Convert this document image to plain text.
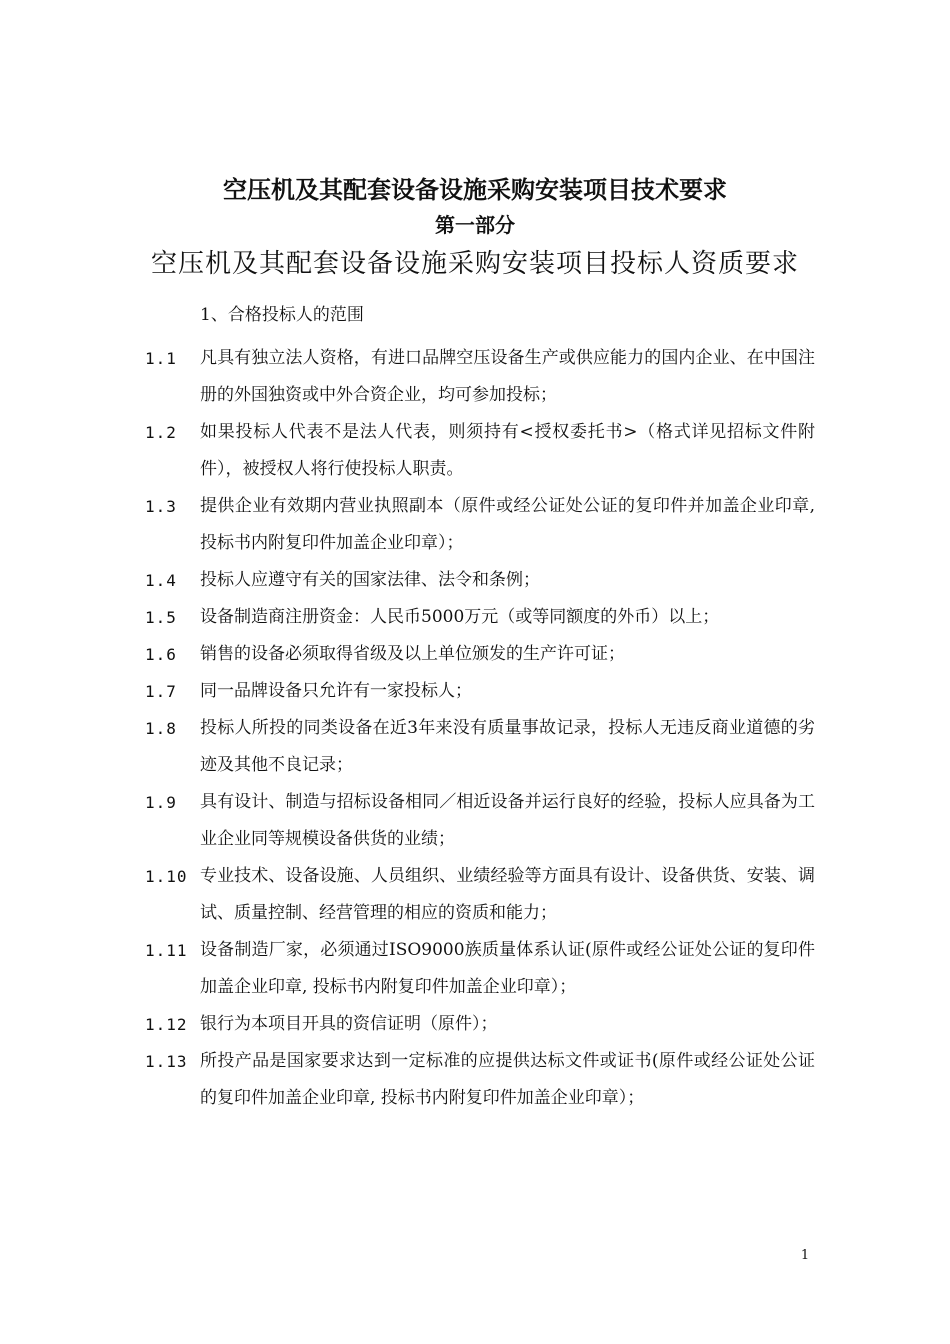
空压机及其配套设备设施采购安装项目技术要求
第一部分
空压机及其配套设备设施采购安装项目投标人资质要求
1、合格投标人的范围
1.1	凡具有独立法人资格，有进口品牌空压设备生产或供应能力的国内企业、在中国注册的外国独资或中外合资企业，均可参加投标；
1.2	如果投标人代表不是法人代表，则须持有<授权委托书>（格式详见招标文件附件），被授权人将行使投标人职责。
1.3	提供企业有效期内营业执照副本（原件或经公证处公证的复印件并加盖企业印章,投标书内附复印件加盖企业印章）；
1.4	投标人应遵守有关的国家法律、法令和条例；
1.5	设备制造商注册资金：人民币5000万元（或等同额度的外币）以上；
1.6	销售的设备必须取得省级及以上单位颁发的生产许可证；
1.7	同一品牌设备只允许有一家投标人；
1.8	投标人所投的同类设备在近3年来没有质量事故记录，投标人无违反商业道德的劣迹及其他不良记录；
1.9	具有设计、制造与招标设备相同／相近设备并运行良好的经验，投标人应具备为工业企业同等规模设备供货的业绩；
1.10 专业技术、设备设施、人员组织、业绩经验等方面具有设计、设备供货、安装、调试、质量控制、经营管理的相应的资质和能力；
1.11 设备制造厂家，必须通过ISO9000族质量体系认证(原件或经公证处公证的复印件加盖企业印章, 投标书内附复印件加盖企业印章）；
1.12 银行为本项目开具的资信证明（原件）；
1.13 所投产品是国家要求达到一定标准的应提供达标文件或证书(原件或经公证处公证的复印件加盖企业印章, 投标书内附复印件加盖企业印章）；
1
